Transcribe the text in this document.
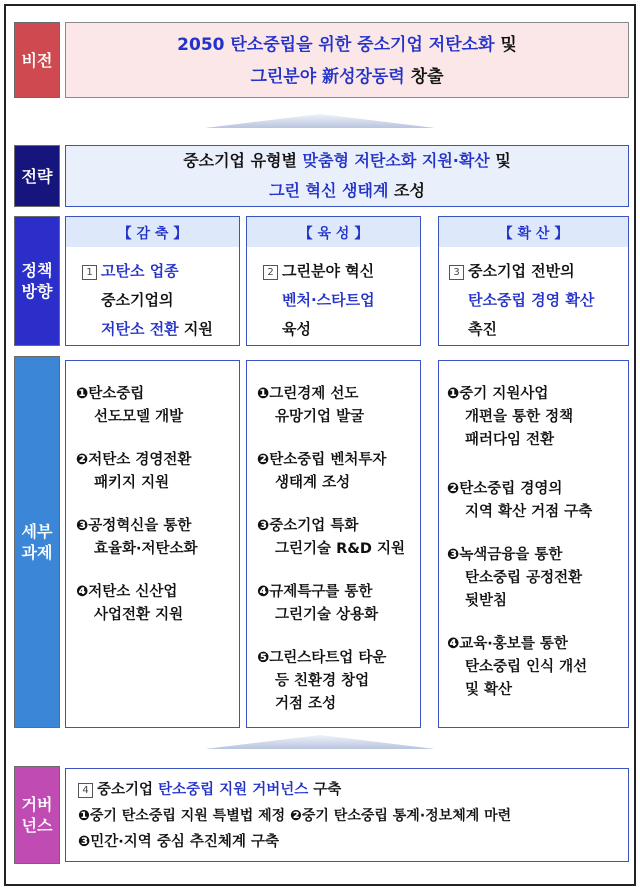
비전
전략
정책
방향
세부
과제
거버
넌스
2050 탄소중립을 위한 중소기업 저탄소화 및
그린분야 新성장동력 창출
중소기업 유형별 맞춤형 저탄소화 지원·확산 및
그린 혁신 생태계 조성
【 감 축 】
1 고탄소 업종
중소기업의
저탄소 전환 지원
【 육 성 】
2 그린분야 혁신
벤처·스타트업
육성
【 확 산 】
3 중소기업 전반의
탄소중립 경영 확산
촉진
❶탄소중립
선도모델 개발
❷저탄소 경영전환
패키지 지원
❸공정혁신을 통한
효율화·저탄소화
❹저탄소 신산업
사업전환 지원
❶그린경제 선도
유망기업 발굴
❷탄소중립 벤처투자
생태계 조성
❸중소기업 특화
그린기술 R&D 지원
❹규제특구를 통한
그린기술 상용화
❺그린스타트업 타운
등 친환경 창업
거점 조성
❶중기 지원사업
개편을 통한 정책
패러다임 전환
❷탄소중립 경영의
지역 확산 거점 구축
❸녹색금융을 통한
탄소중립 공정전환
뒷받침
❹교육·홍보를 통한
탄소중립 인식 개선
및 확산
4 중소기업 탄소중립 지원 거버넌스 구축
❶중기 탄소중립 지원 특별법 제정 ❷중기 탄소중립 통계·정보체계 마련
❸민간·지역 중심 추진체계 구축
